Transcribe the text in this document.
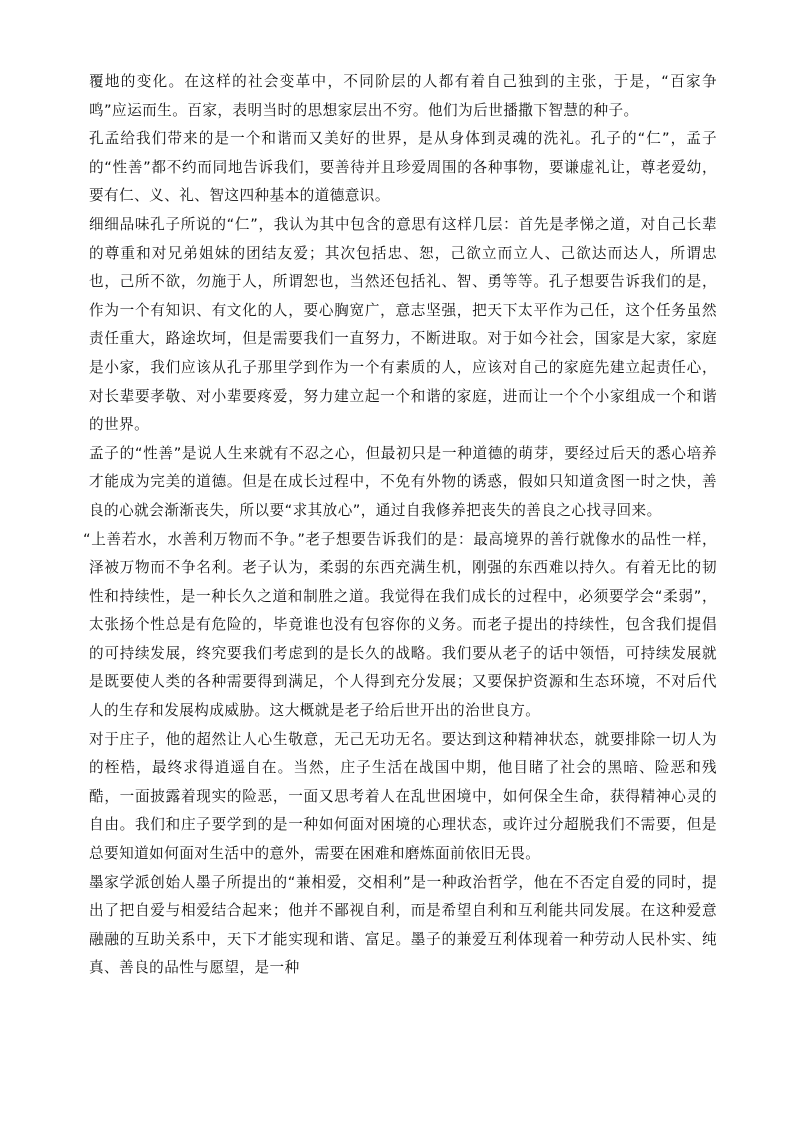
覆地的变化。在这样的社会变革中，不同阶层的人都有着自己独到的主张，于是，“百家争鸣”应运而生。百家，表明当时的思想家层出不穷。他们为后世播撒下智慧的种子。

孔孟给我们带来的是一个和谐而又美好的世界，是从身体到灵魂的洗礼。孔子的“仁”，孟子的“性善”都不约而同地告诉我们，要善待并且珍爱周围的各种事物，要谦虚礼让，尊老爱幼，要有仁、义、礼、智这四种基本的道德意识。

细细品味孔子所说的“仁”，我认为其中包含的意思有这样几层：首先是孝悌之道，对自己长辈的尊重和对兄弟姐妹的团结友爱；其次包括忠、恕，己欲立而立人、己欲达而达人，所谓忠也，己所不欲，勿施于人，所谓恕也，当然还包括礼、智、勇等等。孔子想要告诉我们的是，作为一个有知识、有文化的人，要心胸宽广，意志坚强，把天下太平作为己任，这个任务虽然责任重大，路途坎坷，但是需要我们一直努力，不断进取。对于如今社会，国家是大家，家庭是小家，我们应该从孔子那里学到作为一个有素质的人，应该对自己的家庭先建立起责任心，对长辈要孝敬、对小辈要疼爱，努力建立起一个和谐的家庭，进而让一个个小家组成一个和谐的世界。

孟子的“性善”是说人生来就有不忍之心，但最初只是一种道德的萌芽，要经过后天的悉心培养才能成为完美的道德。但是在成长过程中，不免有外物的诱惑，假如只知道贪图一时之快，善良的心就会渐渐丧失，所以要“求其放心”，通过自我修养把丧失的善良之心找寻回来。

“上善若水，水善利万物而不争。”老子想要告诉我们的是：最高境界的善行就像水的品性一样，泽被万物而不争名利。老子认为，柔弱的东西充满生机，刚强的东西难以持久。有着无比的韧性和持续性，是一种长久之道和制胜之道。我觉得在我们成长的过程中，必须要学会“柔弱”，太张扬个性总是有危险的，毕竟谁也没有包容你的义务。而老子提出的持续性，包含我们提倡的可持续发展，终究要我们考虑到的是长久的战略。我们要从老子的话中领悟，可持续发展就是既要使人类的各种需要得到满足，个人得到充分发展；又要保护资源和生态环境，不对后代人的生存和发展构成威胁。这大概就是老子给后世开出的治世良方。

对于庄子，他的超然让人心生敬意，无己无功无名。要达到这种精神状态，就要排除一切人为的桎梏，最终求得逍遥自在。当然，庄子生活在战国中期，他目睹了社会的黑暗、险恶和残酷，一面披露着现实的险恶，一面又思考着人在乱世困境中，如何保全生命，获得精神心灵的自由。我们和庄子要学到的是一种如何面对困境的心理状态，或许过分超脱我们不需要，但是总要知道如何面对生活中的意外，需要在困难和磨炼面前依旧无畏。

墨家学派创始人墨子所提出的“兼相爱，交相利”是一种政治哲学，他在不否定自爱的同时，提出了把自爱与相爱结合起来；他并不鄙视自利，而是希望自利和互利能共同发展。在这种爱意融融的互助关系中，天下才能实现和谐、富足。墨子的兼爱互利体现着一种劳动人民朴实、纯真、善良的品性与愿望，是一种
